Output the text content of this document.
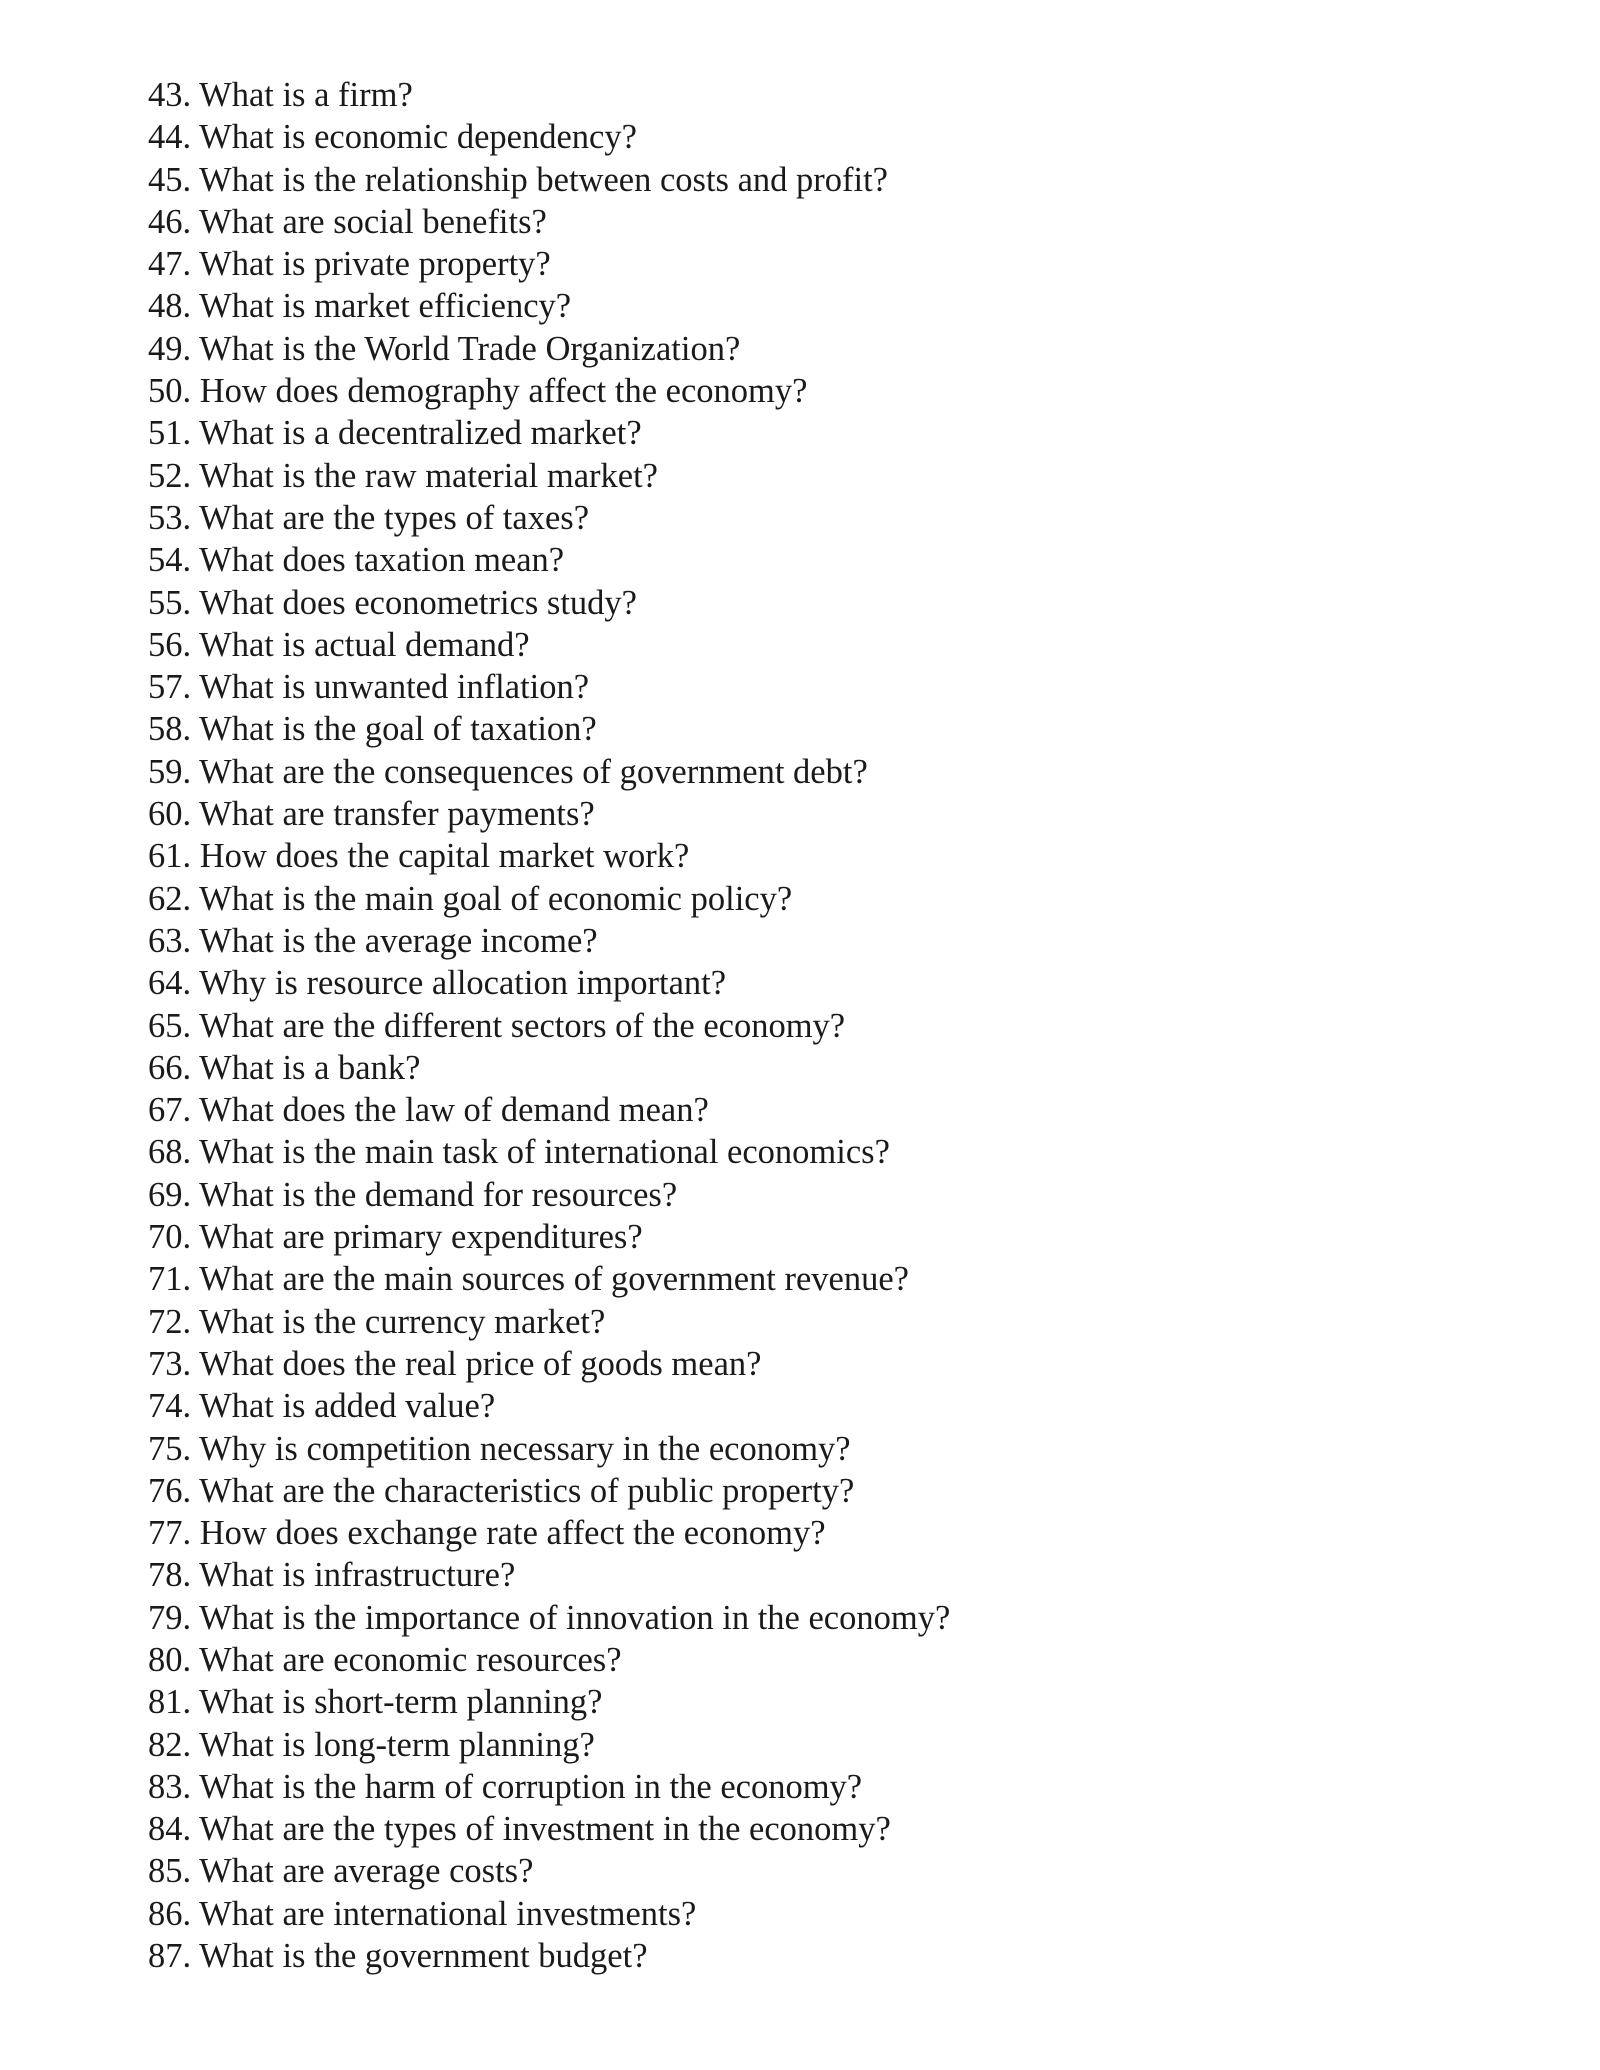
43. What is a firm?
44. What is economic dependency?
45. What is the relationship between costs and profit?
46. What are social benefits?
47. What is private property?
48. What is market efficiency?
49. What is the World Trade Organization?
50. How does demography affect the economy?
51. What is a decentralized market?
52. What is the raw material market?
53. What are the types of taxes?
54. What does taxation mean?
55. What does econometrics study?
56. What is actual demand?
57. What is unwanted inflation?
58. What is the goal of taxation?
59. What are the consequences of government debt?
60. What are transfer payments?
61. How does the capital market work?
62. What is the main goal of economic policy?
63. What is the average income?
64. Why is resource allocation important?
65. What are the different sectors of the economy?
66. What is a bank?
67. What does the law of demand mean?
68. What is the main task of international economics?
69. What is the demand for resources?
70. What are primary expenditures?
71. What are the main sources of government revenue?
72. What is the currency market?
73. What does the real price of goods mean?
74. What is added value?
75. Why is competition necessary in the economy?
76. What are the characteristics of public property?
77. How does exchange rate affect the economy?
78. What is infrastructure?
79. What is the importance of innovation in the economy?
80. What are economic resources?
81. What is short-term planning?
82. What is long-term planning?
83. What is the harm of corruption in the economy?
84. What are the types of investment in the economy?
85. What are average costs?
86. What are international investments?
87. What is the government budget?
